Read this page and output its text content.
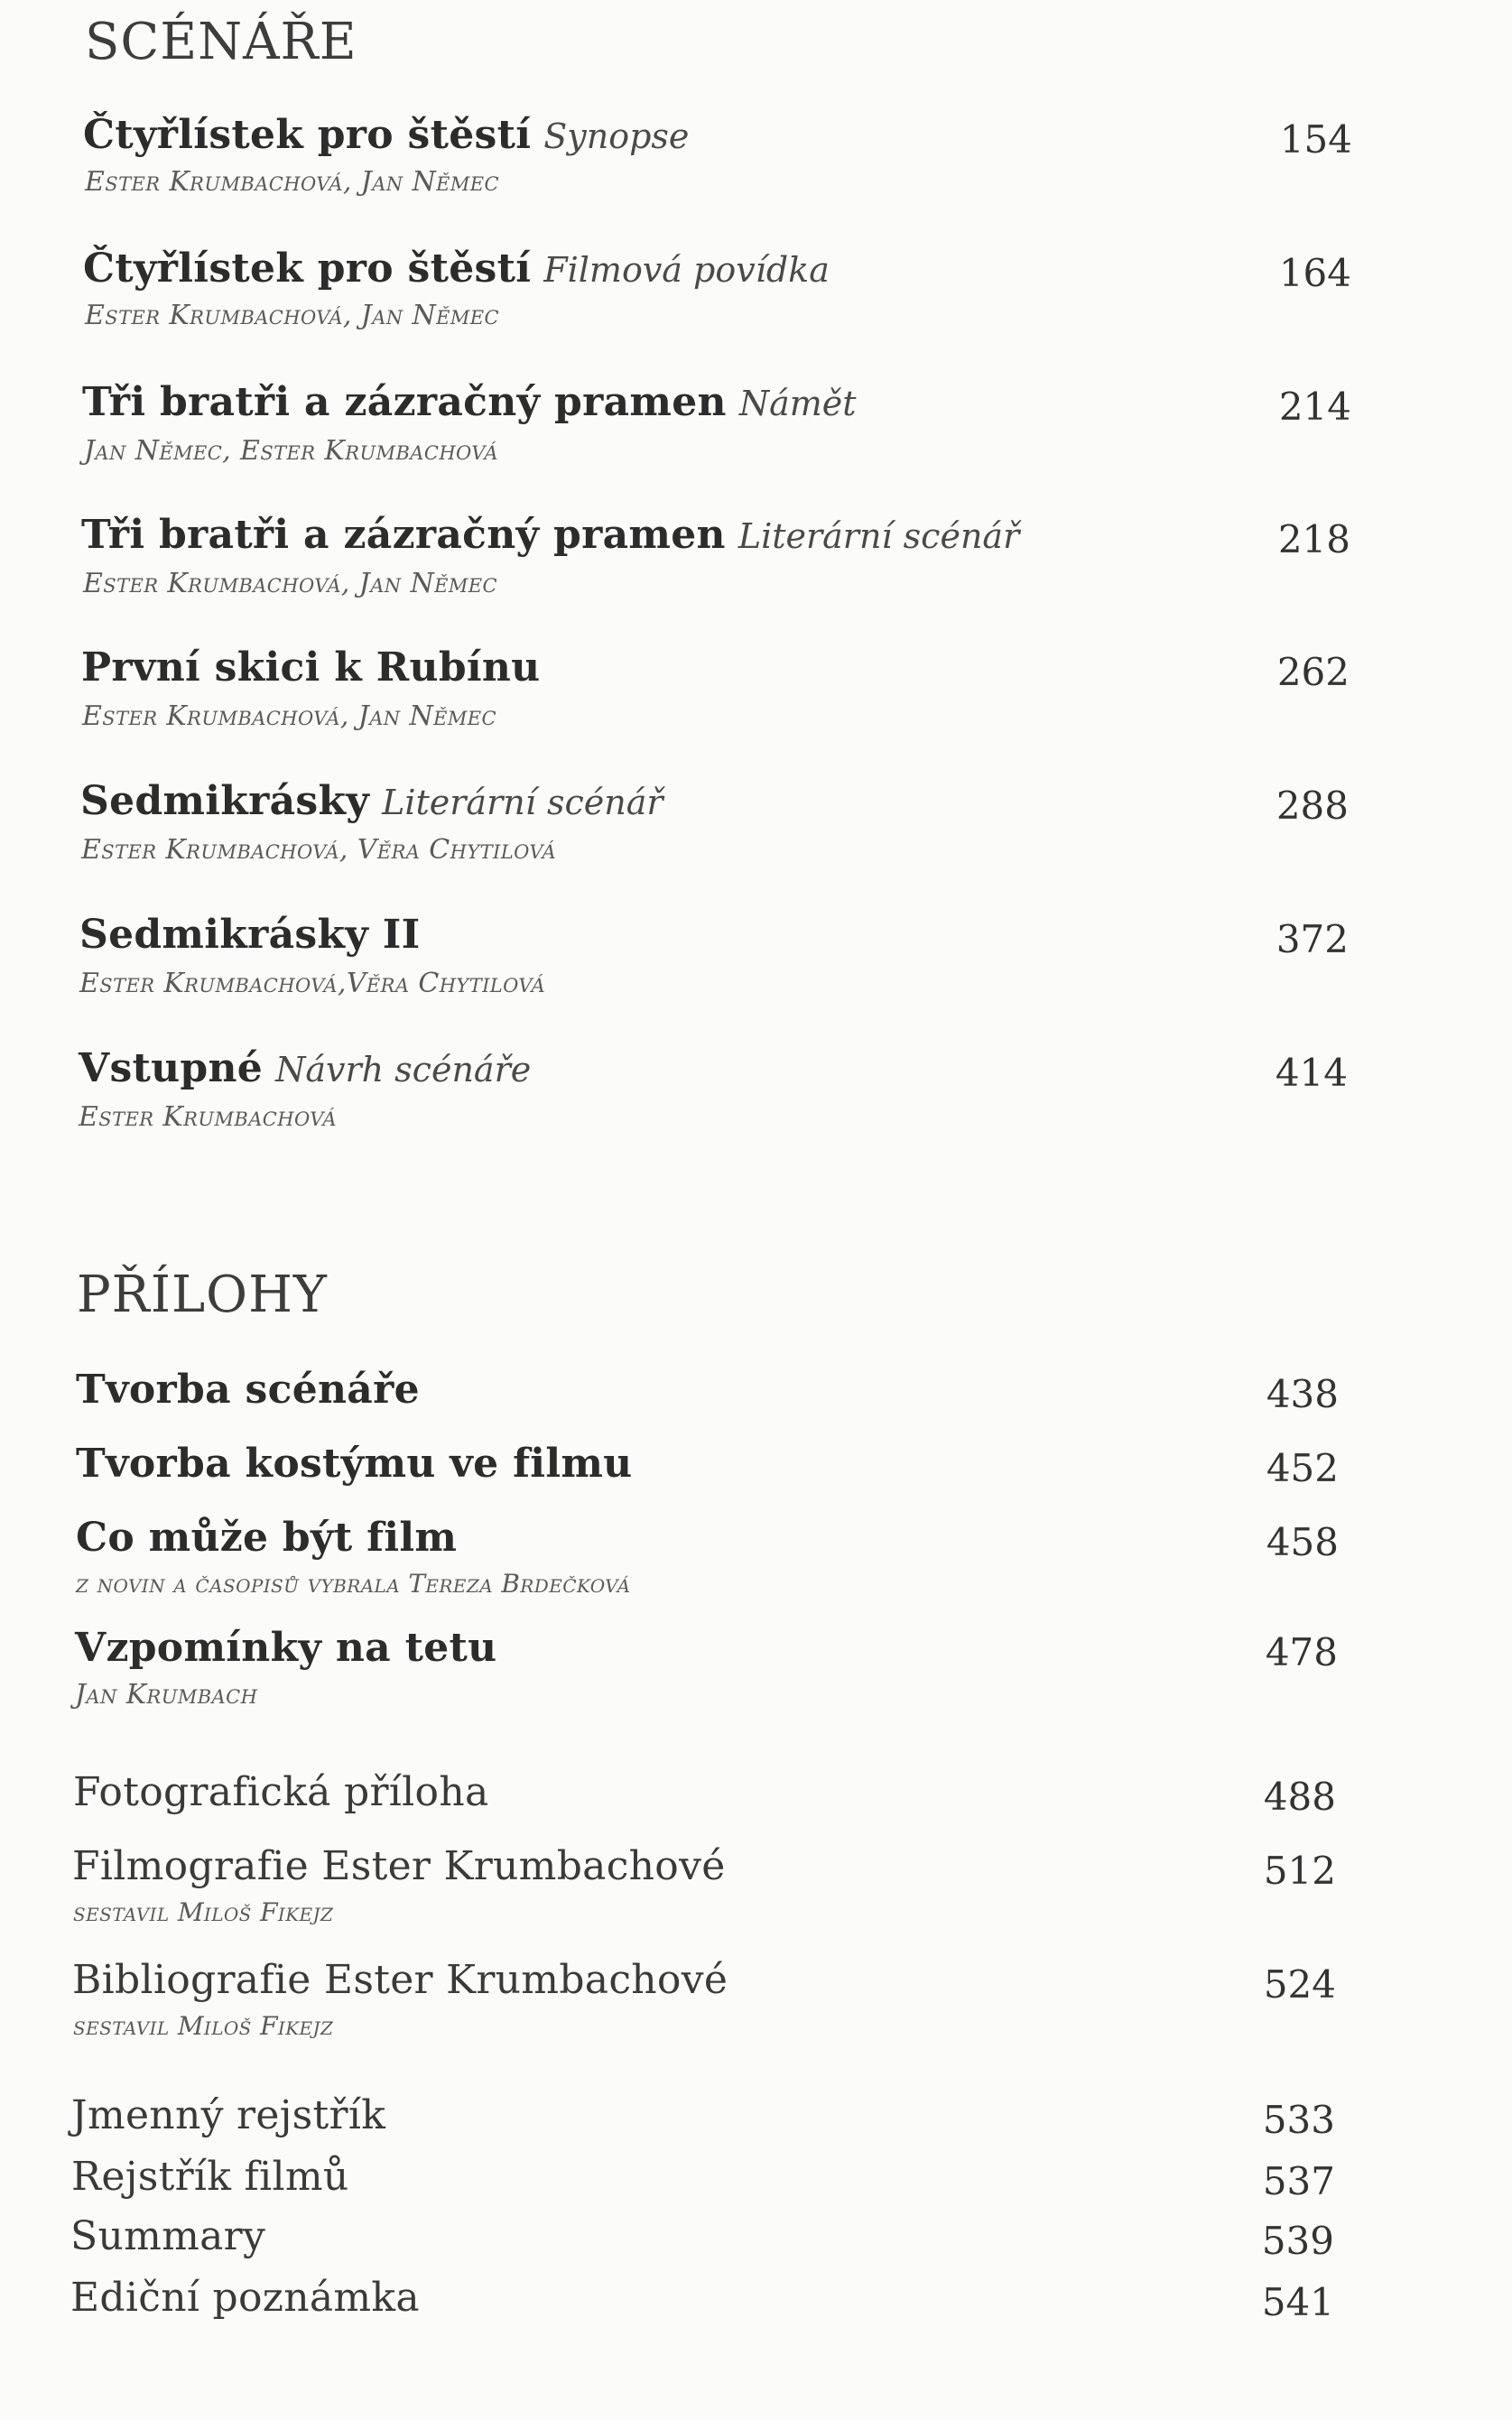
SCÉNÁŘE
Čtyřlístek pro štěstí Synopse	154
Ester Krumbachová, Jan Němec
Čtyřlístek pro štěstí Filmová povídka	164
Ester Krumbachová, Jan Němec
Tři bratři a zázračný pramen Námět	214
Jan Němec, Ester Krumbachová
Tři bratři a zázračný pramen Literární scénář	218
Ester Krumbachová, Jan Němec
První skici k Rubínu	262
Ester Krumbachová, Jan Němec
Sedmikrásky Literární scénář	288
Ester Krumbachová, Věra Chytilová
Sedmikrásky II	372
Ester Krumbachová,Věra Chytilová
Vstupné Návrh scénáře	414
Ester Krumbachová
PŘÍLOHY
Tvorba scénáře	438
Tvorba kostýmu ve filmu	452
Co může být film	458
z novin a časopisů vybrala Tereza Brdečková
Vzpomínky na tetu	478
Jan Krumbach
Fotografická příloha	488
Filmografie Ester Krumbachové	512
sestavil Miloš Fikejz
Bibliografie Ester Krumbachové	524
sestavil Miloš Fikejz
Jmenný rejstřík	533
Rejstřík filmů	537
Summary	539
Ediční poznámka	541
